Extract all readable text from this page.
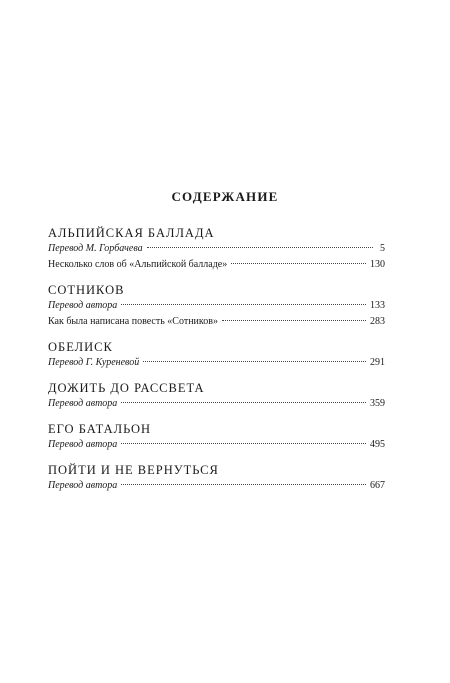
СОДЕРЖАНИЕ
АЛЬПИЙСКАЯ БАЛЛАДА
Перевод М. Горбачева	5
Несколько слов об «Альпийской балладе»	130
СОТНИКОВ
Перевод автора	133
Как была написана повесть «Сотников»	283
ОБЕЛИСК
Перевод Г. Куреневой	291
ДОЖИТЬ ДО РАССВЕТА
Перевод автора	359
ЕГО БАТАЛЬОН
Перевод автора	495
ПОЙТИ И НЕ ВЕРНУТЬСЯ
Перевод автора	667
